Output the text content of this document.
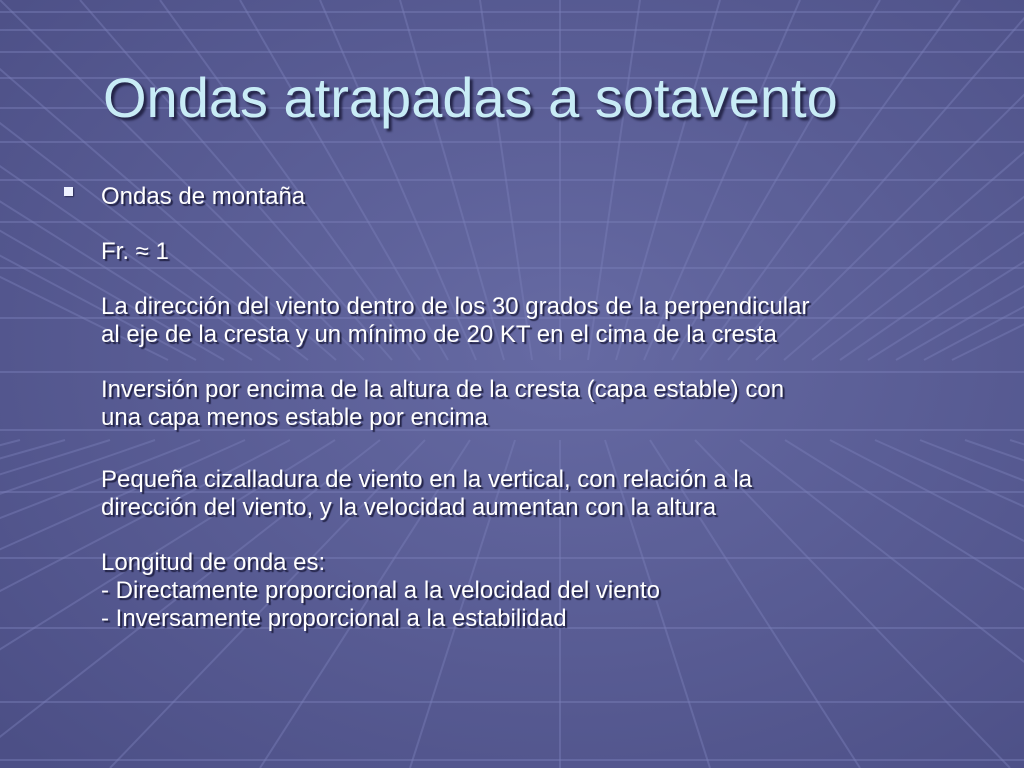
Ondas atrapadas a sotavento

Ondas de montaña

Fr. ≈ 1

La dirección del viento dentro de los 30 grados de la perpendicular

al eje de la cresta y un mínimo de 20 KT en el cima de la cresta

Inversión por encima de la altura de la cresta (capa estable) con

una capa menos estable por encima

Pequeña cizalladura de viento en la vertical, con relación a la

dirección del viento, y la velocidad aumentan con la altura

Longitud de onda es:

- Directamente proporcional a la velocidad del viento

- Inversamente proporcional a la estabilidad
